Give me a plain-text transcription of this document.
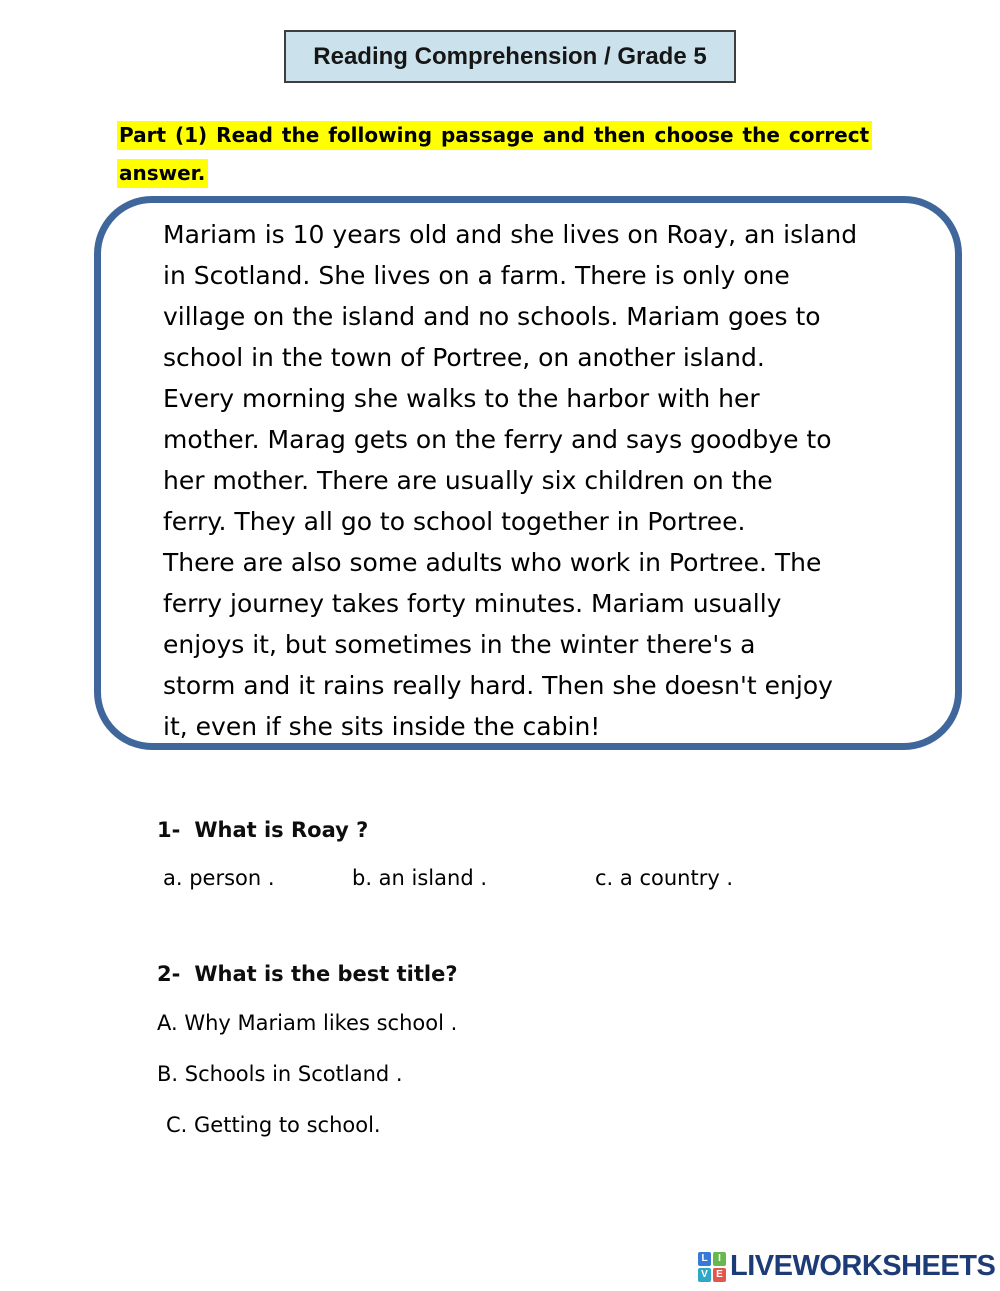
Reading Comprehension / Grade 5
Part (1) Read the following passage and then choose the correct
answer.
Mariam is 10 years old and she lives on Roay, an island
in Scotland. She lives on a farm. There is only one
village on the island and no schools. Mariam goes to
school in the town of Portree, on another island.
Every morning she walks to the harbor with her
mother. Marag gets on the ferry and says goodbye to
her mother. There are usually six children on the
ferry. They all go to school together in Portree.
There are also some adults who work in Portree. The
ferry journey takes forty minutes. Mariam usually
enjoys it, but sometimes in the winter there's a
storm and it rains really hard. Then she doesn't enjoy
it, even if she sits inside the cabin!
1- What is Roay ?
a. person .	b. an island .	c. a country .
2- What is the best title?
A. Why Mariam likes school .
B. Schools in Scotland .
C. Getting to school.
L	I
V E LIVEWORKSHEETS
